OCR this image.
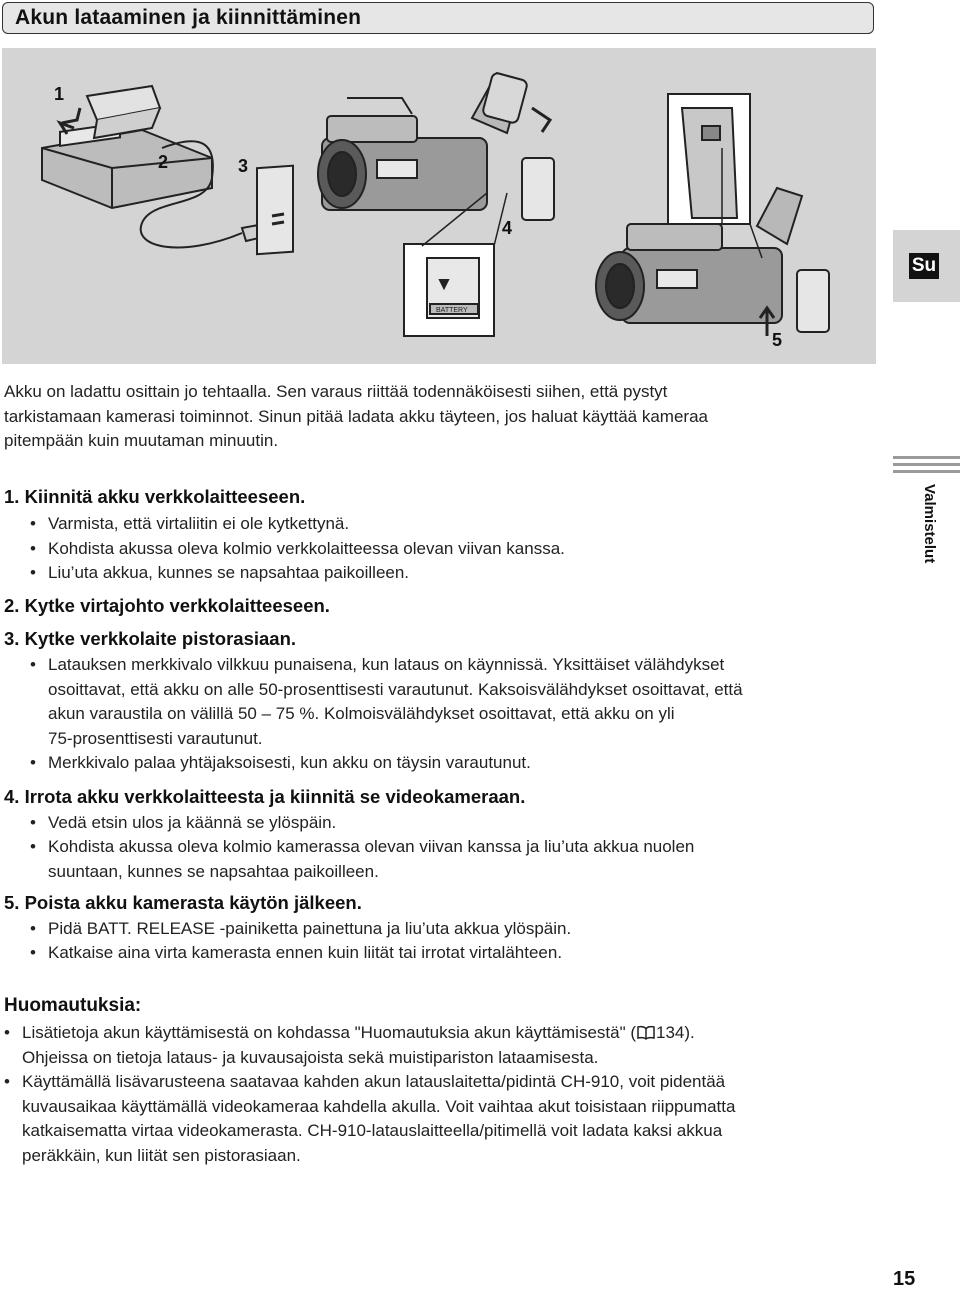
Akun lataaminen ja kiinnittäminen
1
2	3
4
5
BATTERY
Su
Valmistelut
Akku on ladattu osittain jo tehtaalla. Sen varaus riittää todennäköisesti siihen, että pystyt
tarkistamaan kamerasi toiminnot. Sinun pitää ladata akku täyteen, jos haluat käyttää kameraa
pitempään kuin muutaman minuutin.
1. Kiinnitä akku verkkolaitteeseen.
• Varmista, että virtaliitin ei ole kytkettynä.
• Kohdista akussa oleva kolmio verkkolaitteessa olevan viivan kanssa.
• Liu’uta akkua, kunnes se napsahtaa paikoilleen.
2. Kytke virtajohto verkkolaitteeseen.
3. Kytke verkkolaite pistorasiaan.
• Latauksen merkkivalo vilkkuu punaisena, kun lataus on käynnissä. Yksittäiset välähdykset
osoittavat, että akku on alle 50-prosenttisesti varautunut. Kaksoisvälähdykset osoittavat, että
akun varaustila on välillä 50 – 75 %. Kolmoisvälähdykset osoittavat, että akku on yli
75-prosenttisesti varautunut.
• Merkkivalo palaa yhtäjaksoisesti, kun akku on täysin varautunut.
4. Irrota akku verkkolaitteesta ja kiinnitä se videokameraan.
• Vedä etsin ulos ja käännä se ylöspäin.
• Kohdista akussa oleva kolmio kamerassa olevan viivan kanssa ja liu’uta akkua nuolen
suuntaan, kunnes se napsahtaa paikoilleen.
5. Poista akku kamerasta käytön jälkeen.
• Pidä BATT. RELEASE -painiketta painettuna ja liu’uta akkua ylöspäin.
• Katkaise aina virta kamerasta ennen kuin liität tai irrotat virtalähteen.
Huomautuksia:
• Lisätietoja akun käyttämisestä on kohdassa "Huomautuksia akun käyttämisestä" ( 134).
Ohjeissa on tietoja lataus- ja kuvausajoista sekä muistipariston lataamisesta.
• Käyttämällä lisävarusteena saatavaa kahden akun latauslaitetta/pidintä CH-910, voit pidentää
kuvausaikaa käyttämällä videokameraa kahdella akulla. Voit vaihtaa akut toisistaan riippumatta
katkaisematta virtaa videokamerasta. CH-910-latauslaitteella/pitimellä voit ladata kaksi akkua
peräkkäin, kun liität sen pistorasiaan.
15
